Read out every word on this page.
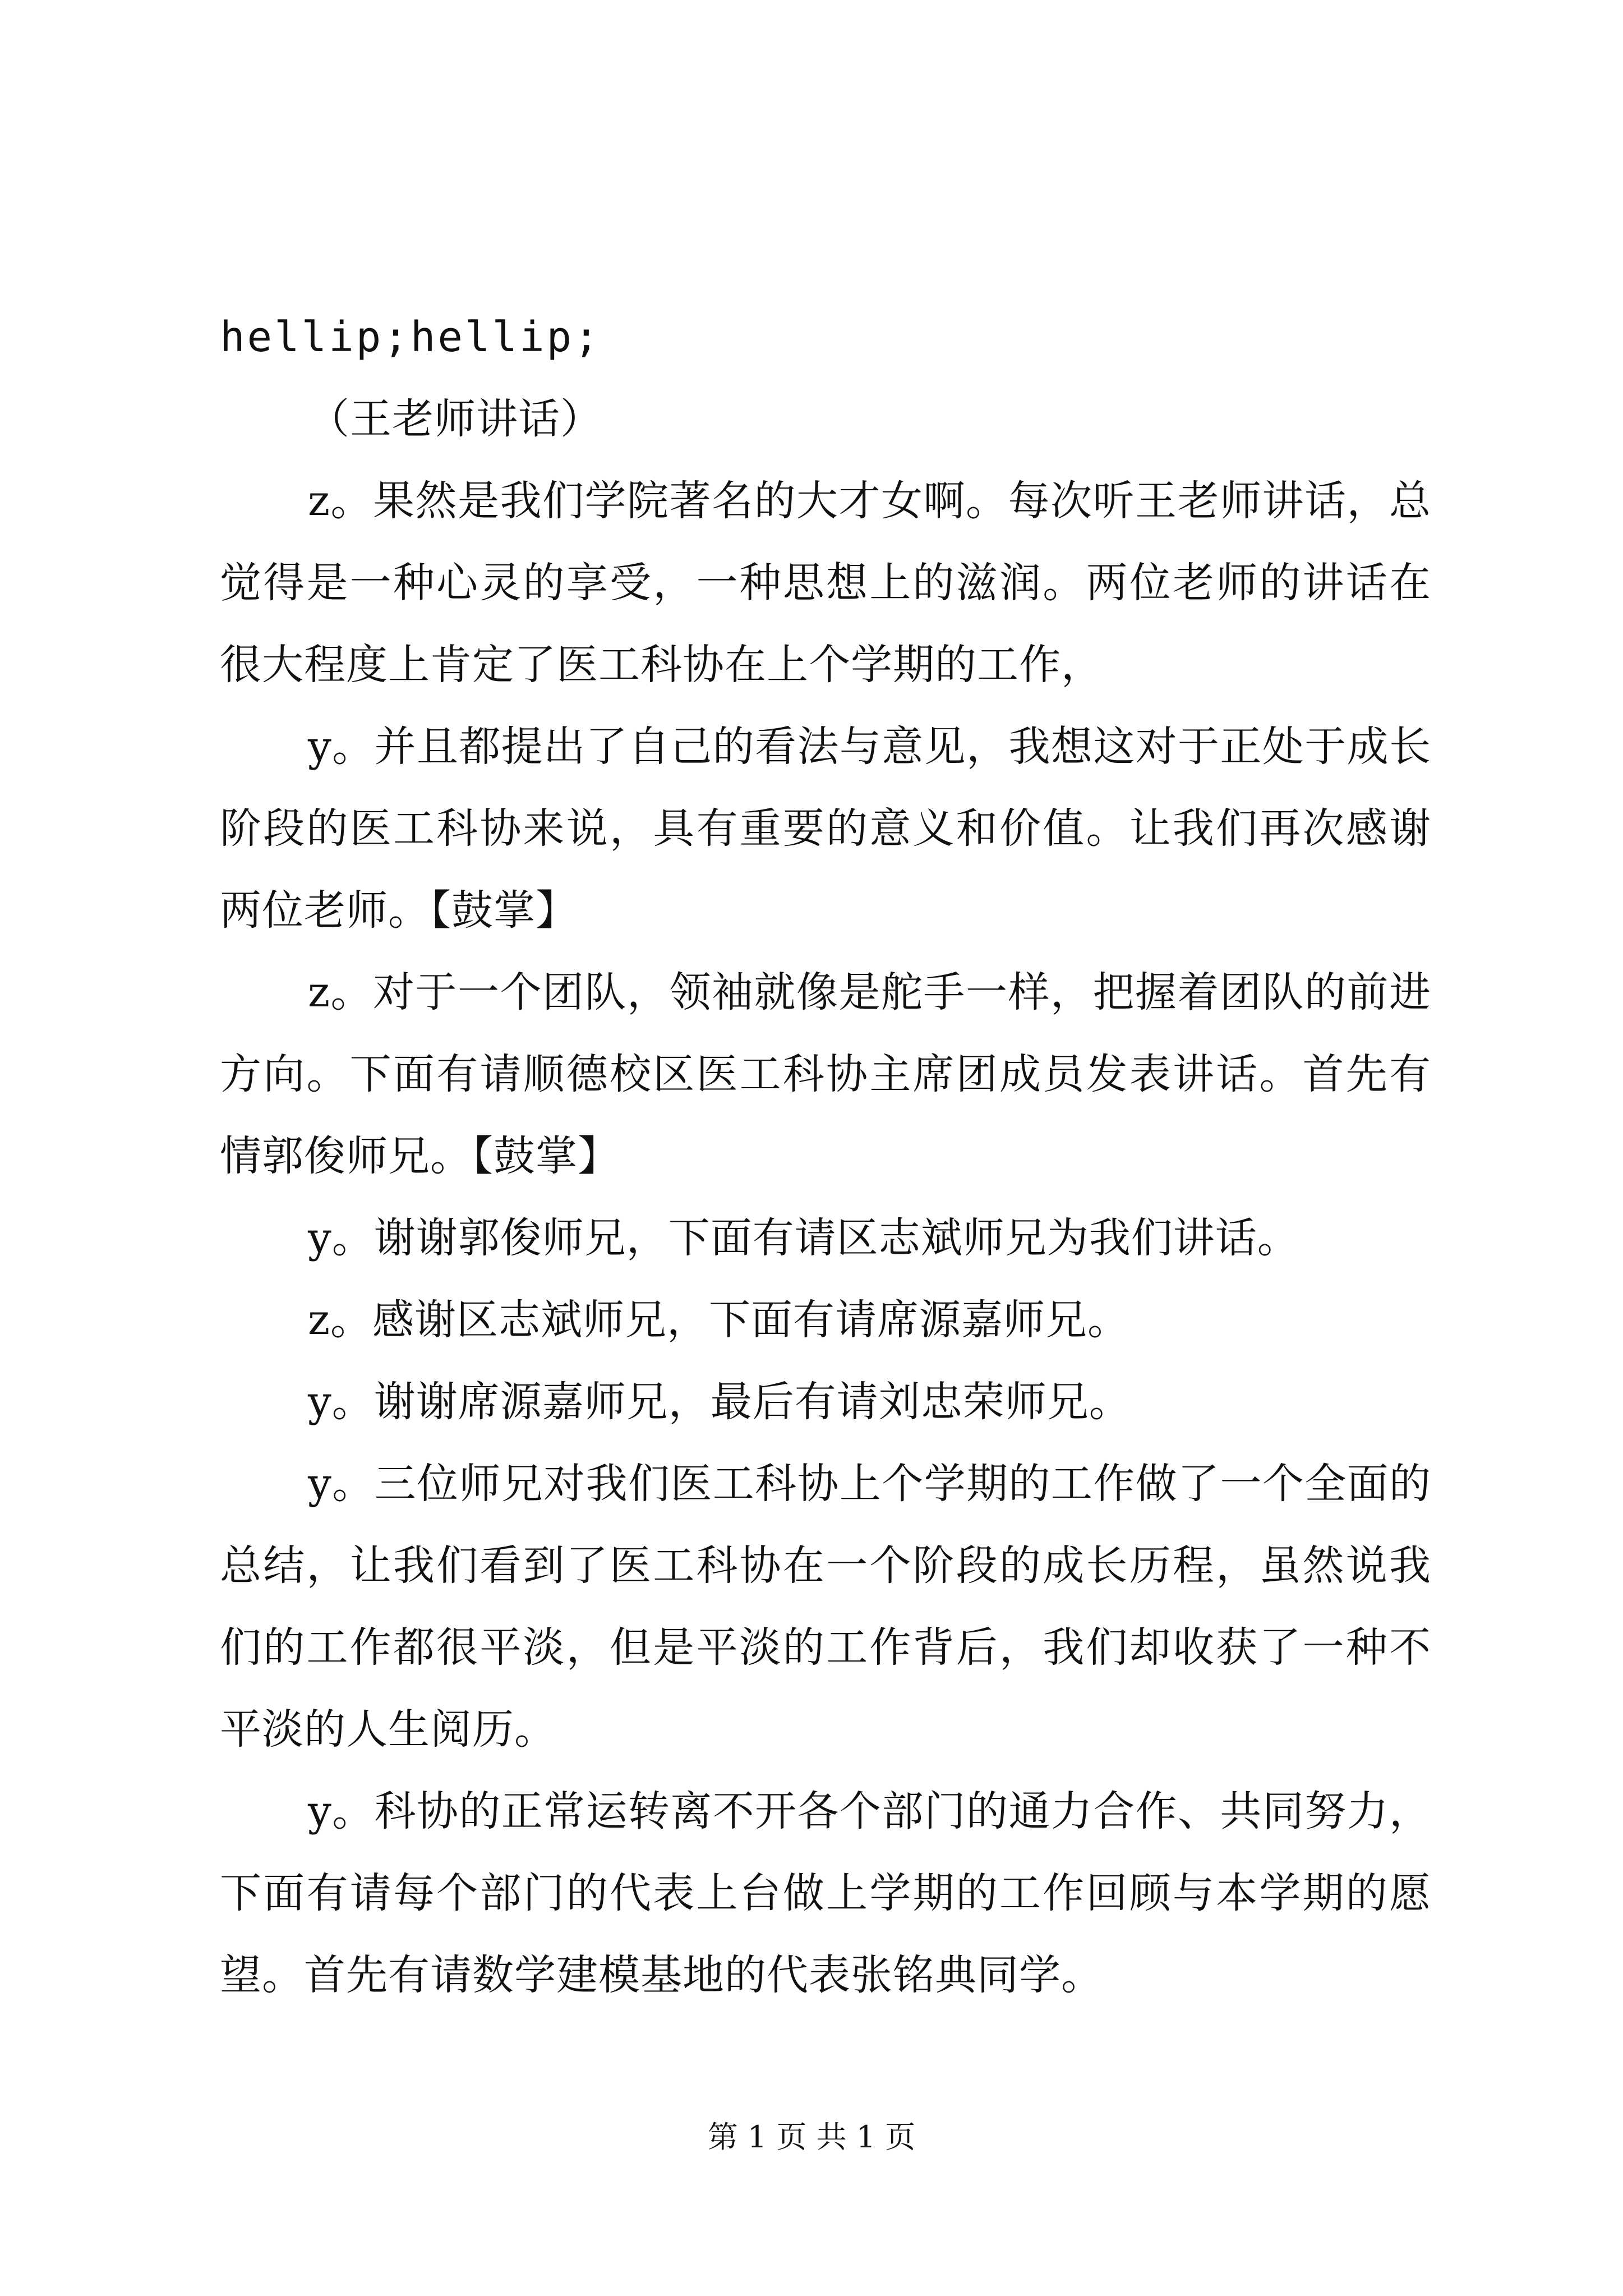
hellip;hellip;

（王老师讲话）

z。果然是我们学院著名的大才女啊。每次听王老师讲话，总觉得是一种心灵的享受，一种思想上的滋润。两位老师的讲话在很大程度上肯定了医工科协在上个学期的工作，

y。并且都提出了自己的看法与意见，我想这对于正处于成长阶段的医工科协来说，具有重要的意义和价值。让我们再次感谢两位老师。【鼓掌】

z。对于一个团队，领袖就像是舵手一样，把握着团队的前进方向。下面有请顺德校区医工科协主席团成员发表讲话。首先有情郭俊师兄。【鼓掌】

y。谢谢郭俊师兄，下面有请区志斌师兄为我们讲话。

z。感谢区志斌师兄，下面有请席源嘉师兄。

y。谢谢席源嘉师兄，最后有请刘忠荣师兄。

y。三位师兄对我们医工科协上个学期的工作做了一个全面的总结，让我们看到了医工科协在一个阶段的成长历程，虽然说我们的工作都很平淡，但是平淡的工作背后，我们却收获了一种不平淡的人生阅历。

y。科协的正常运转离不开各个部门的通力合作、共同努力，下面有请每个部门的代表上台做上学期的工作回顾与本学期的愿望。首先有请数学建模基地的代表张铭典同学。

第 1 页 共 1 页
